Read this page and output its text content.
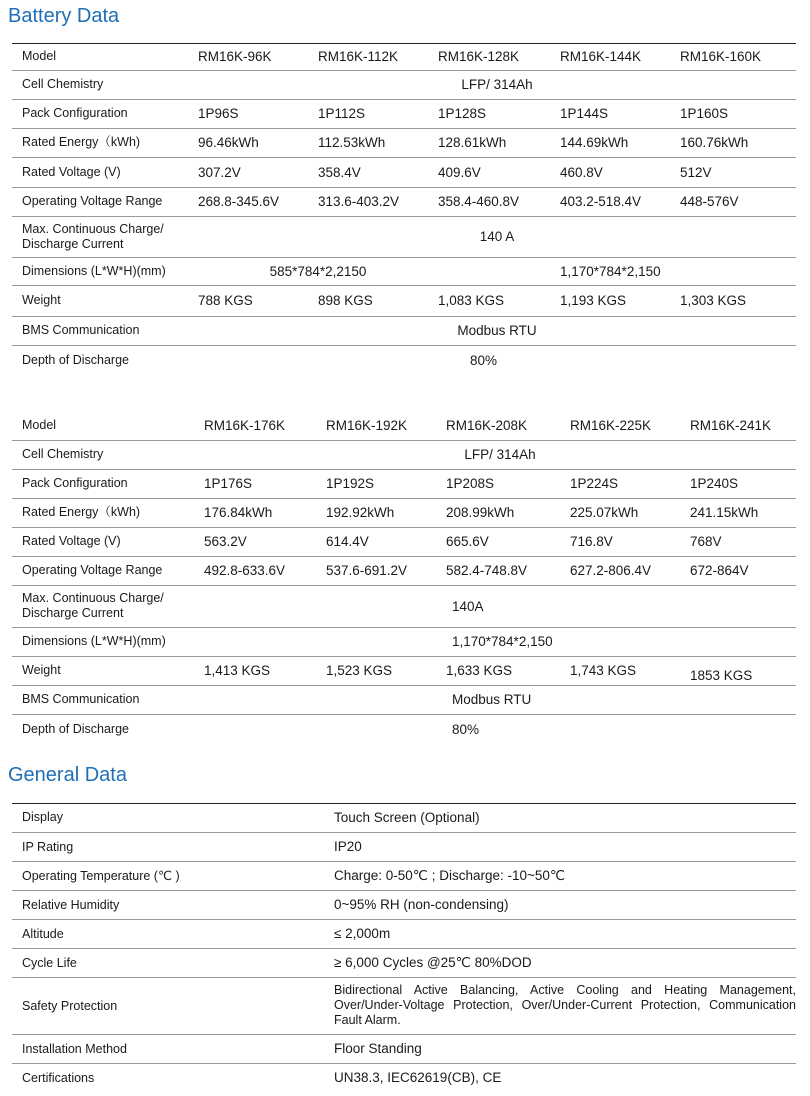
Battery Data
Model	RM16K-96K	RM16K-112K	RM16K-128K	RM16K-144K	RM16K-160K
Cell Chemistry	LFP/ 314Ah				
Pack Configuration	1P96S	1P112S	1P128S	1P144S	1P160S
Rated Energy（kWh)	96.46kWh	112.53kWh	128.61kWh	144.69kWh	160.76kWh
Rated Voltage (V)	307.2V	358.4V	409.6V	460.8V	512V
Operating Voltage Range	268.8-345.6V	313.6-403.2V	358.4-460.8V	403.2-518.4V	448-576V
Max. Continuous Charge/
Discharge Current	140 A				
Dimensions (L*W*H)(mm)	585*784*2,2150			1,170*784*2,150	
Weight	788 KGS	898 KGS	1,083 KGS	1,193 KGS	1,303 KGS
BMS Communication	Modbus RTU				
Depth of Discharge	80%				
Model	RM16K-176K	RM16K-192K	RM16K-208K	RM16K-225K	RM16K-241K
Cell Chemistry	LFP/ 314Ah				
Pack Configuration	1P176S	1P192S	1P208S	1P224S	1P240S
Rated Energy（kWh)	176.84kWh	192.92kWh	208.99kWh	225.07kWh	241.15kWh
Rated Voltage (V)	563.2V	614.4V	665.6V	716.8V	768V
Operating Voltage Range	492.8-633.6V	537.6-691.2V	582.4-748.8V	627.2-806.4V	672-864V
Max. Continuous Charge/
Discharge Current	140A				
Dimensions (L*W*H)(mm)	1,170*784*2,150				
Weight	1,413 KGS	1,523 KGS	1,633 KGS	1,743 KGS	1853 KGS
BMS Communication	Modbus RTU				
Depth of Discharge	80%				
General Data
Display	Touch Screen (Optional)
IP Rating	IP20
Operating Temperature (℃ )	Charge: 0-50℃ ; Discharge: -10~50℃
Relative Humidity	0~95% RH (non-condensing)
Altitude	≤ 2,000m
Cycle Life	≥ 6,000 Cycles @25℃ 80%DOD
Safety Protection	Bidirectional Active Balancing, Active Cooling and Heating Management, Over/Under-Voltage Protection, Over/Under-Current Protection, Communication Fault Alarm.
Installation Method	Floor Standing
Certifications	UN38.3, IEC62619(CB), CE
